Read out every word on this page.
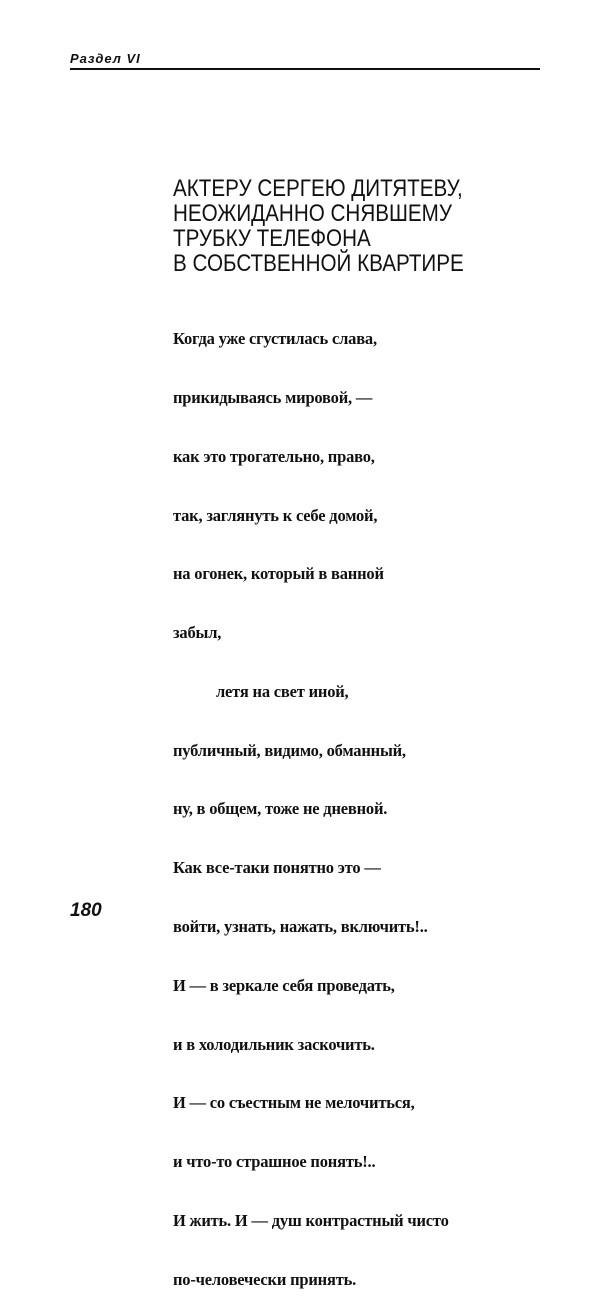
Раздел VI
АКТЕРУ СЕРГЕЮ ДИТЯТЕВУ,
НЕОЖИДАННО СНЯВШЕМУ
ТРУБКУ ТЕЛЕФОНА
В СОБСТВЕННОЙ КВАРТИРЕ

Когда уже сгустилась слава,

прикидываясь мировой, —

как это трогательно, право,

так, заглянуть к себе домой,

на огонек, который в ванной

забыл,

летя на свет иной,

публичный, видимо, обманный,

ну, в общем, тоже не дневной.

Как все-таки понятно это —

войти, узнать, нажать, включить!..

И — в зеркале себя проведать,

и в холодильник заскочить.

И — со съестным не мелочиться,

и что-то страшное понять!..

И жить. И — душ контрастный чисто

по-человечески принять.

180
